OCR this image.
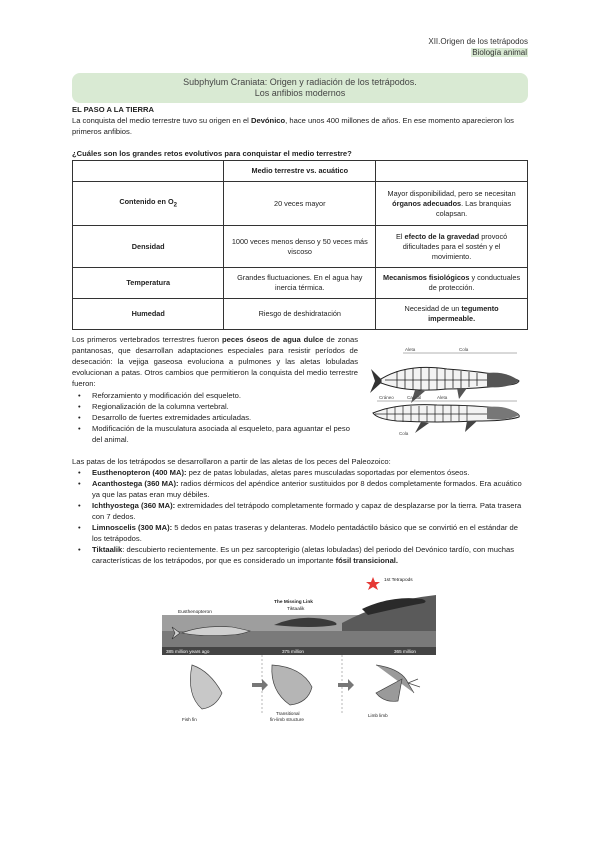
XII.Origen de los tetrápodos
Biología animal
Subphylum Craniata: Origen y radiación de los tetrápodos.
Los anfibios modernos
EL PASO A LA TIERRA
La conquista del medio terrestre tuvo su origen en el Devónico, hace unos 400 millones de años. En ese momento aparecieron los primeros anfibios.
¿Cuáles son los grandes retos evolutivos para conquistar el medio terrestre?
	Medio terrestre vs. acuático	
Contenido en $O_2$	20 veces mayor	Mayor disponibilidad, pero se necesitan órganos adecuados. Las branquias colapsan.
Densidad	1000 veces menos denso y 50 veces más viscoso	El efecto de la gravedad provocó dificultades para el sostén y el movimiento.
Temperatura	Grandes fluctuaciones. En el agua hay inercia térmica.	Mecanismos fisiológicos y conductuales de protección.
Humedad	Riesgo de deshidratación	Necesidad de un tegumento impermeable.
Los primeros vertebrados terrestres fueron peces óseos de agua dulce de zonas pantanosas, que desarrollan adaptaciones especiales para resistir períodos de desecación: la vejiga gaseosa evoluciona a pulmones y las aletas lobuladas evolucionan a patas. Otros cambios que permitieron la conquista del medio terrestre fueron:
• Reforzamiento y modificación del esqueleto.
• Regionalización de la columna vertebral.
• Desarrollo de fuertes extremidades articuladas.
• Modificación de la musculatura asociada al esqueleto, para aguantar el peso del animal.
Aleta	Cola
Cráneo	Caudal	Aleta
Cola
Las patas de los tetrápodos se desarrollaron a partir de las aletas de los peces del Paleozoico:
• Eusthenopteron (400 MA): pez de patas lobuladas, aletas pares musculadas soportadas por elementos óseos.
• Acanthostega (360 MA): radios dérmicos del apéndice anterior sustituidos por 8 dedos completamente formados. Era acuático ya que las patas eran muy débiles.
• Ichthyostega (360 MA): extremidades del tetrápodo completamente formado y capaz de desplazarse por la tierra. Pata trasera con 7 dedos.
• Limnoscelis (300 MA): 5 dedos en patas traseras y delanteras. Modelo pentadáctilo básico que se convirtió en el estándar de los tetrápodos.
• Tiktaalik: descubierto recientemente. Es un pez sarcopterigio (aletas lobuladas) del periodo del Devónico tardío, con muchas características de los tetrápodos, por que es considerado un importante fósil transicional.
385 million years ago	375 million	365 million
Eusthenopteron
The Missing Link
Tiktaalik
1st Tetrapods
Fish fin
Transitional
fin-limb structure
Limb limb
